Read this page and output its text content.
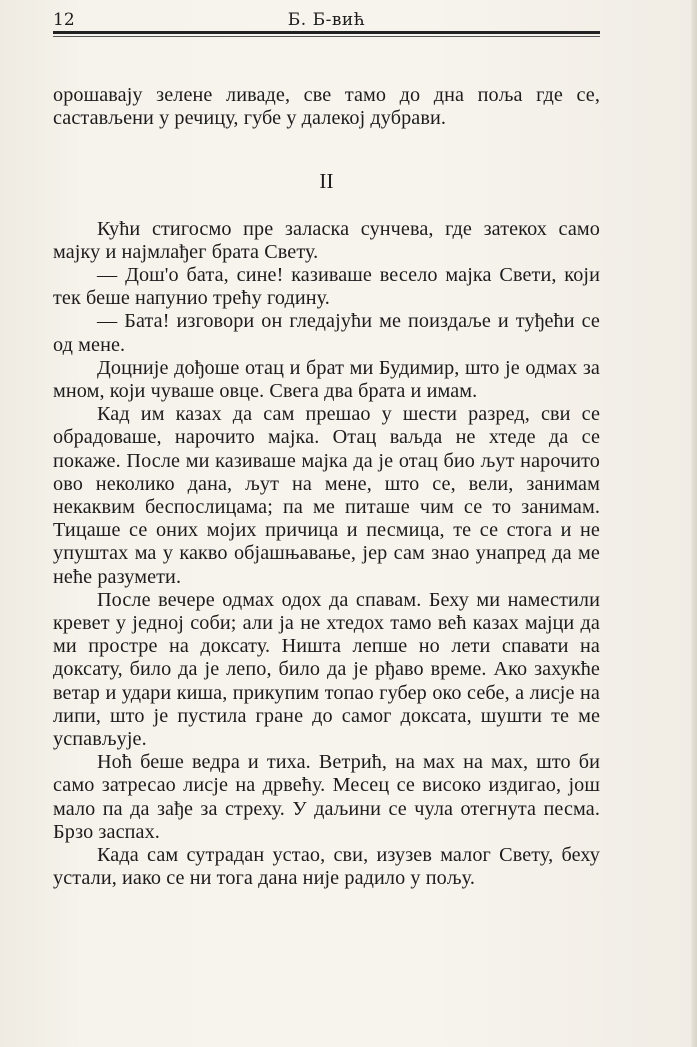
12	Б. Б-вић

орошавају зелене ливаде, све тамо до дна поља где се, састављени у речицу, губе у далекој дубрави.

II

Кући стигосмо пре заласка сунчева, где затекох само мајку и најмлађег брата Свету.

— Дош'о бата, сине! казиваше весело мајка Свети, који тек беше напунио трећу годину.

— Бата! изговори он гледајући ме поиздаље и туђећи се од мене.

Доцније дођоше отац и брат ми Будимир, што је одмах за мном, који чуваше овце. Свега два брата и имам.

Кад им казах да сам прешао у шести разред, сви се обрадоваше, нарочито мајка. Отац ваљда не хтеде да се покаже. После ми казиваше мајка да је отац био љут нарочито ово неколико дана, љут на мене, што се, вели, занимам некаквим беспослицама; па ме питаше чим се то занимам. Тицаше се оних мојих причица и песмица, те се стога и не упуштах ма у какво објашњавање, јер сам знао унапред да ме неће разумети.

После вечере одмах одох да спавам. Беху ми наместили кревет у једној соби; али ја не хтедох тамо већ казах мајци да ми простре на доксату. Ништа лепше но лети спавати на доксату, било да је лепо, било да је рђаво време. Ако захукће ветар и удари киша, прикупим топао губер око себе, а лисје на липи, што је пустила гране до самог доксата, шушти те ме успављује.

Ноћ беше ведра и тиха. Ветрић, на мах на мах, што би само затресао лисје на дрвећу. Месец се високо издигао, још мало па да зађе за стреху. У даљини се чула отегнута песма. Брзо заспах.

Када сам сутрадан устао, сви, изузев малог Свету, беху устали, иако се ни тога дана није радило у пољу.
